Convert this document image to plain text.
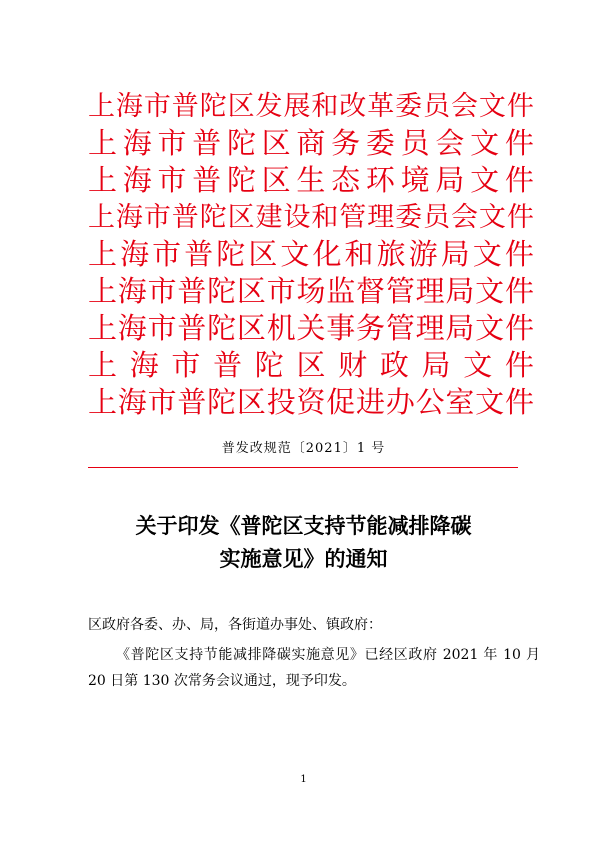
上 海 市 普 陀 区 发 展 和 改 革 委 员 会 文 件
上 海 市 普 陀 区 商 务 委 员 会 文 件
上 海 市 普 陀 区 生 态 环 境 局 文 件
上 海 市 普 陀 区 建 设 和 管 理 委 员 会 文 件
上 海 市 普 陀 区 文 化 和 旅 游 局 文 件
上 海 市 普 陀 区 市 场 监 督 管 理 局 文 件
上 海 市 普 陀 区 机 关 事 务 管 理 局 文 件
上 海 市 普 陀 区 财 政 局 文 件
上 海 市 普 陀 区 投 资 促 进 办 公 室 文 件
普发改规范〔2021〕1 号
关于印发《普陀区支持节能减排降碳
实施意见》的通知
区政府各委、办、局，各街道办事处、镇政府：
《普陀区支持节能减排降碳实施意见》已经区政府 2021 年 10 月 20 日第 130 次常务会议通过，现予印发。
1
